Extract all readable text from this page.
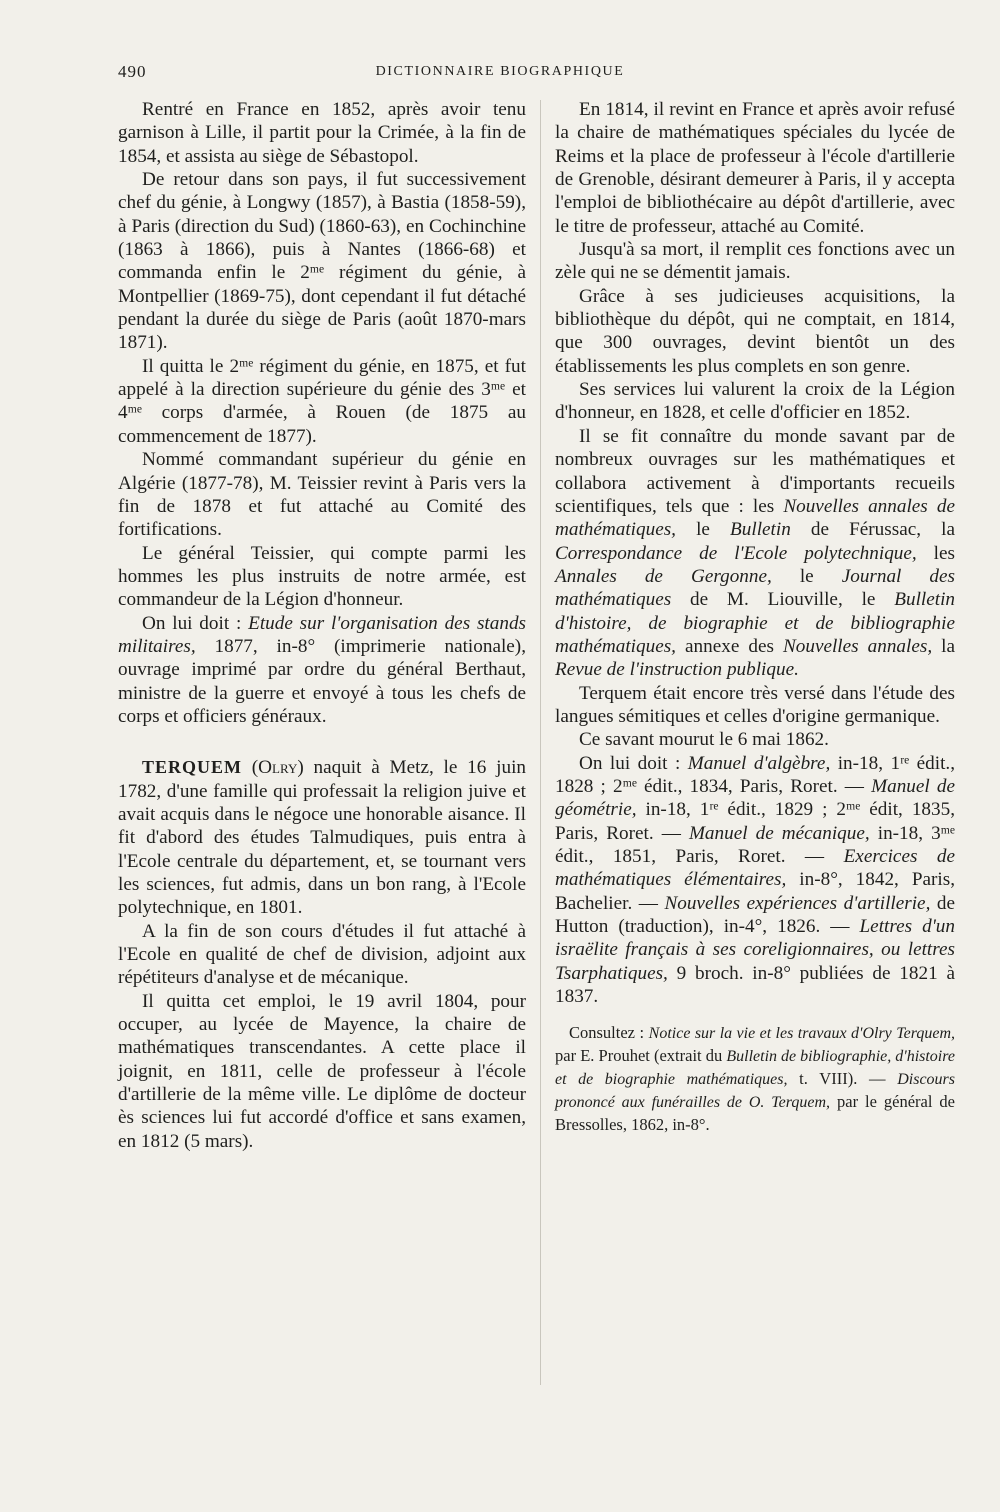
490	DICTIONNAIRE BIOGRAPHIQUE

Rentré en France en 1852, après avoir tenu garnison à Lille, il partit pour la Crimée, à la fin de 1854, et assista au siège de Sébastopol.

De retour dans son pays, il fut successivement chef du génie, à Longwy (1857), à Bastia (1858-59), à Paris (direction du Sud) (1860-63), en Cochinchine (1863 à 1866), puis à Nantes (1866-68) et commanda enfin le 2ᵐᵉ régiment du génie, à Montpellier (1869-75), dont cependant il fut détaché pendant la durée du siège de Paris (août 1870-mars 1871).

Il quitta le 2ᵐᵉ régiment du génie, en 1875, et fut appelé à la direction supérieure du génie des 3ᵐᵉ et 4ᵐᵉ corps d'armée, à Rouen (de 1875 au commencement de 1877).

Nommé commandant supérieur du génie en Algérie (1877-78), M. Teissier revint à Paris vers la fin de 1878 et fut attaché au Comité des fortifications.

Le général Teissier, qui compte parmi les hommes les plus instruits de notre armée, est commandeur de la Légion d'honneur.

On lui doit : Etude sur l'organisation des stands militaires, 1877, in-8° (imprimerie nationale), ouvrage imprimé par ordre du général Berthaut, ministre de la guerre et envoyé à tous les chefs de corps et officiers généraux.

TERQUEM (Olry) naquit à Metz, le 16 juin 1782, d'une famille qui professait la religion juive et avait acquis dans le négoce une honorable aisance. Il fit d'abord des études Talmudiques, puis entra à l'Ecole centrale du département, et, se tournant vers les sciences, fut admis, dans un bon rang, à l'Ecole polytechnique, en 1801.

A la fin de son cours d'études il fut attaché à l'Ecole en qualité de chef de division, adjoint aux répétiteurs d'analyse et de mécanique.

Il quitta cet emploi, le 19 avril 1804, pour occuper, au lycée de Mayence, la chaire de mathématiques transcendantes. A cette place il joignit, en 1811, celle de professeur à l'école d'artillerie de la même ville. Le diplôme de docteur ès sciences lui fut accordé d'office et sans examen, en 1812 (5 mars).

En 1814, il revint en France et après avoir refusé la chaire de mathématiques spéciales du lycée de Reims et la place de professeur à l'école d'artillerie de Grenoble, désirant demeurer à Paris, il y accepta l'emploi de bibliothécaire au dépôt d'artillerie, avec le titre de professeur, attaché au Comité.

Jusqu'à sa mort, il remplit ces fonctions avec un zèle qui ne se démentit jamais.

Grâce à ses judicieuses acquisitions, la bibliothèque du dépôt, qui ne comptait, en 1814, que 300 ouvrages, devint bientôt un des établissements les plus complets en son genre.

Ses services lui valurent la croix de la Légion d'honneur, en 1828, et celle d'officier en 1852.

Il se fit connaître du monde savant par de nombreux ouvrages sur les mathématiques et collabora activement à d'importants recueils scientifiques, tels que : les Nouvelles annales de mathématiques, le Bulletin de Férussac, la Correspondance de l'Ecole polytechnique, les Annales de Gergonne, le Journal des mathématiques de M. Liouville, le Bulletin d'histoire, de biographie et de bibliographie mathématiques, annexe des Nouvelles annales, la Revue de l'instruction publique.

Terquem était encore très versé dans l'étude des langues sémitiques et celles d'origine germanique.

Ce savant mourut le 6 mai 1862.

On lui doit : Manuel d'algèbre, in-18, 1ʳᵉ édit., 1828 ; 2ᵐᵉ édit., 1834, Paris, Roret. — Manuel de géométrie, in-18, 1ʳᵉ édit., 1829 ; 2ᵐᵉ édit, 1835, Paris, Roret. — Manuel de mécanique, in-18, 3ᵐᵉ édit., 1851, Paris, Roret. — Exercices de mathématiques élémentaires, in-8°, 1842, Paris, Bachelier. — Nouvelles expériences d'artillerie, de Hutton (traduction), in-4°, 1826. — Lettres d'un israëlite français à ses coreligionnaires, ou lettres Tsarphatiques, 9 broch. in-8° publiées de 1821 à 1837.

Consultez : Notice sur la vie et les travaux d'Olry Terquem, par E. Prouhet (extrait du Bulletin de bibliographie, d'histoire et de biographie mathématiques, t. VIII). — Discours prononcé aux funérailles de O. Terquem, par le général de Bressolles, 1862, in-8°.
